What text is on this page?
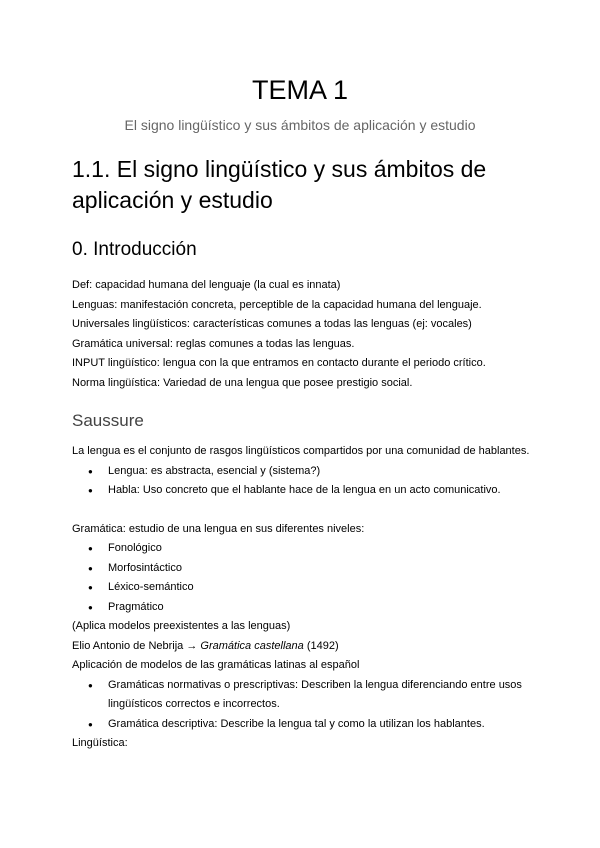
TEMA 1
El signo lingüístico y sus ámbitos de aplicación y estudio
1.1. El signo lingüístico y sus ámbitos de aplicación y estudio
0. Introducción
Def: capacidad humana del lenguaje (la cual es innata)
Lenguas: manifestación concreta, perceptible de la capacidad humana del lenguaje.
Universales lingüísticos: características comunes a todas las lenguas (ej: vocales)
Gramática universal: reglas comunes a todas las lenguas.
INPUT lingüístico: lengua con la que entramos en contacto durante el periodo crítico.
Norma lingüística: Variedad de una lengua que posee prestigio social.
Saussure
La lengua es el conjunto de rasgos lingüísticos compartidos por una comunidad de hablantes.
● Lengua: es abstracta, esencial y (sistema?)
● Habla: Uso concreto que el hablante hace de la lengua en un acto comunicativo.
Gramática: estudio de una lengua en sus diferentes niveles:
● Fonológico
● Morfosintáctico
● Léxico-semántico
● Pragmático
(Aplica modelos preexistentes a las lenguas)
Elio Antonio de Nebrija → Gramática castellana (1492)
Aplicación de modelos de las gramáticas latinas al español
● Gramáticas normativas o prescriptivas: Describen la lengua diferenciando entre usos lingüísticos correctos e incorrectos.
● Gramática descriptiva: Describe la lengua tal y como la utilizan los hablantes.
Lingüística:
